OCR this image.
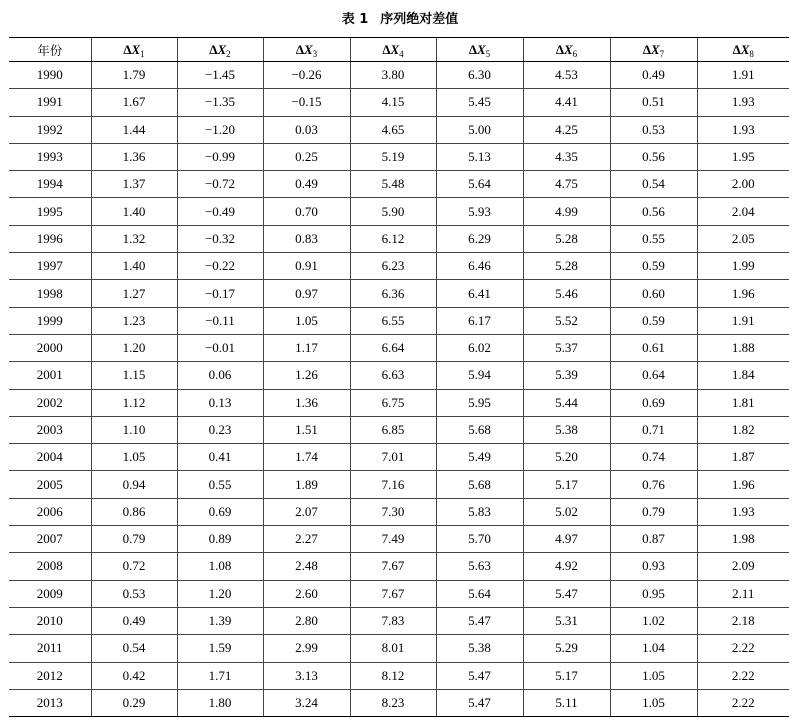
表 1 序列绝对差值
年份	$\Delta X_1$	$\Delta X_2$	$\Delta X_3$	$\Delta X_4$	$\Delta X_5$	$\Delta X_6$	$\Delta X_7$	$\Delta X_8$
1990	1.79	−1.45	−0.26	3.80	6.30	4.53	0.49	1.91
1991	1.67	−1.35	−0.15	4.15	5.45	4.41	0.51	1.93
1992	1.44	−1.20	0.03	4.65	5.00	4.25	0.53	1.93
1993	1.36	−0.99	0.25	5.19	5.13	4.35	0.56	1.95
1994	1.37	−0.72	0.49	5.48	5.64	4.75	0.54	2.00
1995	1.40	−0.49	0.70	5.90	5.93	4.99	0.56	2.04
1996	1.32	−0.32	0.83	6.12	6.29	5.28	0.55	2.05
1997	1.40	−0.22	0.91	6.23	6.46	5.28	0.59	1.99
1998	1.27	−0.17	0.97	6.36	6.41	5.46	0.60	1.96
1999	1.23	−0.11	1.05	6.55	6.17	5.52	0.59	1.91
2000	1.20	−0.01	1.17	6.64	6.02	5.37	0.61	1.88
2001	1.15	0.06	1.26	6.63	5.94	5.39	0.64	1.84
2002	1.12	0.13	1.36	6.75	5.95	5.44	0.69	1.81
2003	1.10	0.23	1.51	6.85	5.68	5.38	0.71	1.82
2004	1.05	0.41	1.74	7.01	5.49	5.20	0.74	1.87
2005	0.94	0.55	1.89	7.16	5.68	5.17	0.76	1.96
2006	0.86	0.69	2.07	7.30	5.83	5.02	0.79	1.93
2007	0.79	0.89	2.27	7.49	5.70	4.97	0.87	1.98
2008	0.72	1.08	2.48	7.67	5.63	4.92	0.93	2.09
2009	0.53	1.20	2.60	7.67	5.64	5.47	0.95	2.11
2010	0.49	1.39	2.80	7.83	5.47	5.31	1.02	2.18
2011	0.54	1.59	2.99	8.01	5.38	5.29	1.04	2.22
2012	0.42	1.71	3.13	8.12	5.47	5.17	1.05	2.22
2013	0.29	1.80	3.24	8.23	5.47	5.11	1.05	2.22
